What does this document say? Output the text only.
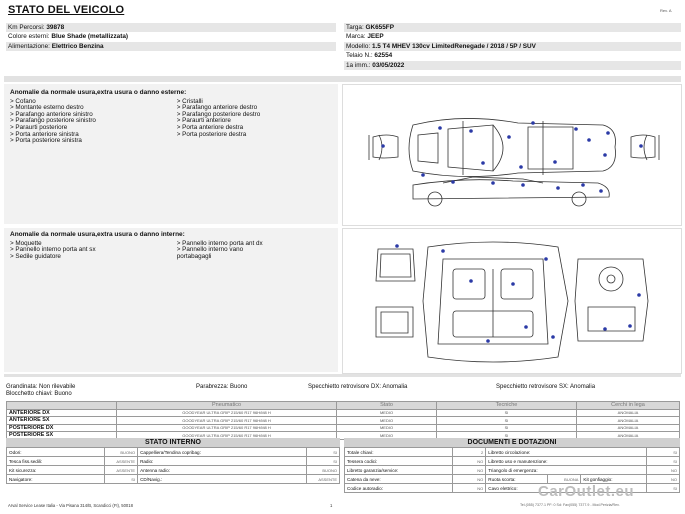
STATO DEL VEICOLO	Rev. A
Km Percorsi: 39878
Colore esterni: Blue Shade (metallizzata)
Alimentazione: Elettrico Benzina
Targa: GK655FP
Marca: JEEP
Modello: 1.5 T4 MHEV 130cv LimitedRenegade / 2018 / 5P / SUV
Telaio N.: 62554
1a imm.: 03/05/2022
Anomalie da normale usura,extra usura o danno esterne:
> Cofano
> Montante esterno destro
> Parafango anteriore sinistro
> Parafango posteriore sinistro
> Paraurti posteriore
> Porta anteriore sinistra
> Porta posteriore sinistra

> Cristalli
> Parafango anteriore destro
> Parafango posteriore destro
> Paraurti anteriore
> Porta anteriore destra
> Porta posteriore destra
Anomalie da normale usura,extra usura o danno interne:
> Moquette
> Pannello interno porta ant sx
> Sedile guidatore

> Pannello interno porta ant dx
> Pannello interno vano
portabagagli
Grandinata: Non rilevabile	Parabrezza: Buono	Specchietto retrovisore DX: Anomalia	Specchietto retrovisore SX: Anomalia
Blocchetto chiavi: Buono
	Pneumatico	Stato	Tecniche	Cerchi in lega
ANTERIORE DX	GOODYEAR ULTRA GRIP 215/60 R17 96H/M8 H	MEDIO	SI	ANOMALIA
ANTERIORE SX	GOODYEAR ULTRA GRIP 215/60 R17 96H/M8 H	MEDIO	SI	ANOMALIA
POSTERIORE DX	GOODYEAR ULTRA GRIP 215/60 R17 96H/M8 H	MEDIO	SI	ANOMALIA
POSTERIORE SX	GOODYEAR ULTRA GRIP 215/60 R17 96H/M8 H	MEDIO	SI	ANOMALIA
STATO INTERNO
Odori:	BUONO	Cappelliera/Tendina copribag:	SI
Tesca fiss.sedili:	ASSENTE	Radio:	SI
Kit sicurezza:	ASSENTE	Antenna radio:	BUONO
Navigatore:	SI	CD/Navig.:	ASSENTE
DOCUMENTI E DOTAZIONI
Totale chiavi:	2	Libretto circolazione:			SI
Tessera codici:	NO	Libretto uso e manutenzione:			SI
Libretto garanzia/service:	NO	Triangolo di emergenza:			NO
Catena da neve:	NO	Ruota scorta:	BUONA	Kit gonfiaggio:	NO
Codice autoradio:	NO	Cavo elettrico:			SI
CarOutlet.eu
Arval Service Lease Italia - Via Pisana 314/B, Scandicci (FI), 50018	1	Tel.(055) 7377.1 PF: 0 Sd: Fax(055) 7377.9 - Mod.Perizia/Rev.
